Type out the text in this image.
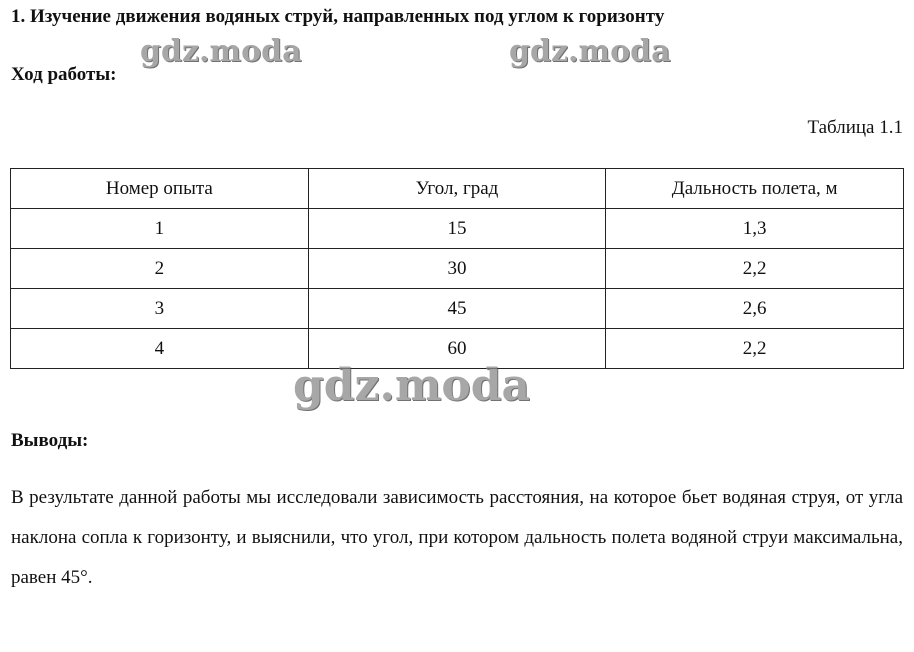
1. Изучение движения водяных струй, направленных под углом к горизонту
gdz.moda	gdz.moda
Ход работы:
Таблица 1.1
Номер опыта	Угол, град	Дальность полета, м
1	15	1,3
2	30	2,2
3	45	2,6
4	60	2,2
gdz.moda
Выводы:
В результате данной работы мы исследовали зависимость расстояния, на которое бьет водяная струя, от угла наклона сопла к горизонту, и выяснили, что угол, при котором дальность полета водяной струи максимальна, равен 45°.
